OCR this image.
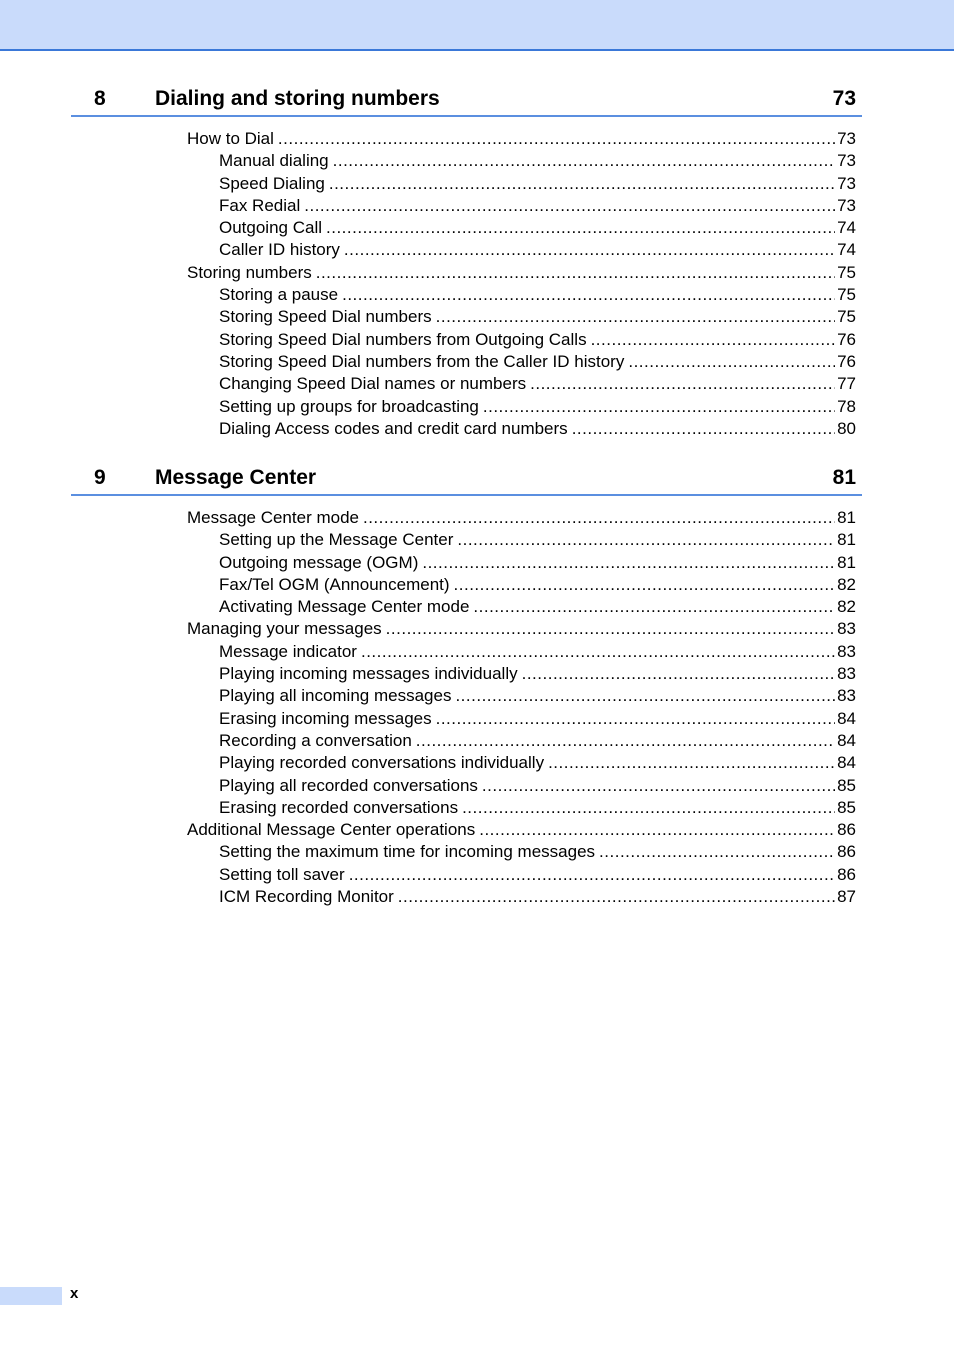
8 Dialing and storing numbers	73
How to Dial .....	73
Manual dialing .....	73
Speed Dialing .....	73
Fax Redial .....	73
Outgoing Call .....	74
Caller ID history .....	74
Storing numbers .....	75
Storing a pause .....	75
Storing Speed Dial numbers .....	75
Storing Speed Dial numbers from Outgoing Calls .....	76
Storing Speed Dial numbers from the Caller ID history .....	76
Changing Speed Dial names or numbers .....	77
Setting up groups for broadcasting .....	78
Dialing Access codes and credit card numbers .....	80
9 Message Center	81
Message Center mode .....	81
Setting up the Message Center .....	81
Outgoing message (OGM) .....	81
Fax/Tel OGM (Announcement) .....	82
Activating Message Center mode .....	82
Managing your messages .....	83
Message indicator .....	83
Playing incoming messages individually .....	83
Playing all incoming messages .....	83
Erasing incoming messages .....	84
Recording a conversation .....	84
Playing recorded conversations individually .....	84
Playing all recorded conversations .....	85
Erasing recorded conversations .....	85
Additional Message Center operations .....	86
Setting the maximum time for incoming messages .....	86
Setting toll saver .....	86
ICM Recording Monitor .....	87
x
